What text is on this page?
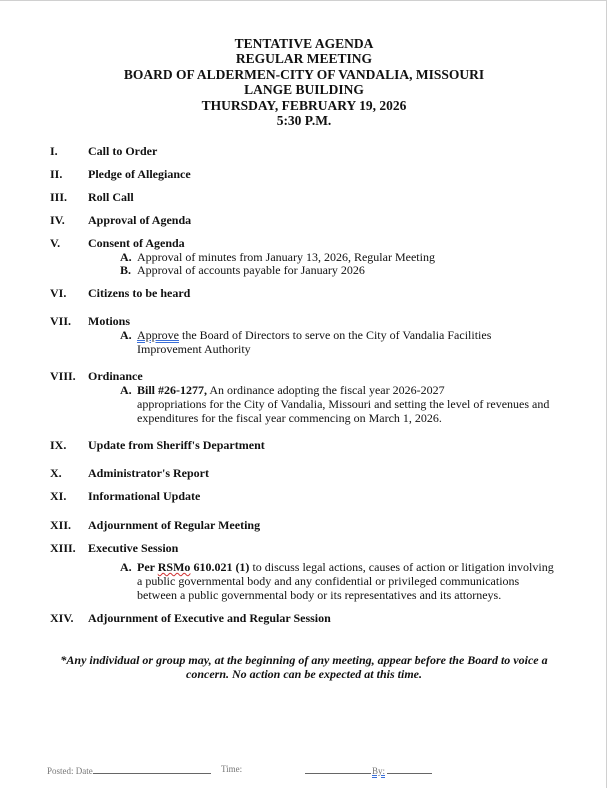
TENTATIVE AGENDA
REGULAR MEETING
BOARD OF ALDERMEN-CITY OF VANDALIA, MISSOURI
LANGE BUILDING
THURSDAY, FEBRUARY 19, 2026
5:30 P.M.
I.	Call to Order
II. Pledge of Allegiance
III. Roll Call
IV. Approval of Agenda
V. Consent of Agenda
A. Approval of minutes from January 13, 2026, Regular Meeting
B. Approval of accounts payable for January 2026
VI. Citizens to be heard
VII. Motions
A. Approve the Board of Directors to serve on the City of Vandalia Facilities
Improvement Authority
VIII. Ordinance
A. Bill #26-1277, An ordinance adopting the fiscal year 2026-2027
appropriations for the City of Vandalia, Missouri and setting the level of revenues and
expenditures for the fiscal year commencing on March 1, 2026.
IX. Update from Sheriff's Department
X. Administrator's Report
XI. Informational Update
XII. Adjournment of Regular Meeting
XIII. Executive Session
A. Per RSMo 610.021 (1) to discuss legal actions, causes of action or litigation involving
a public governmental body and any confidential or privileged communications
between a public governmental body or its representatives and its attorneys.
XIV. Adjournment of Executive and Regular Session
*Any individual or group may, at the beginning of any meeting, appear before the Board to voice a
concern. No action can be expected at this time.
Posted: Date	Time:	By:
